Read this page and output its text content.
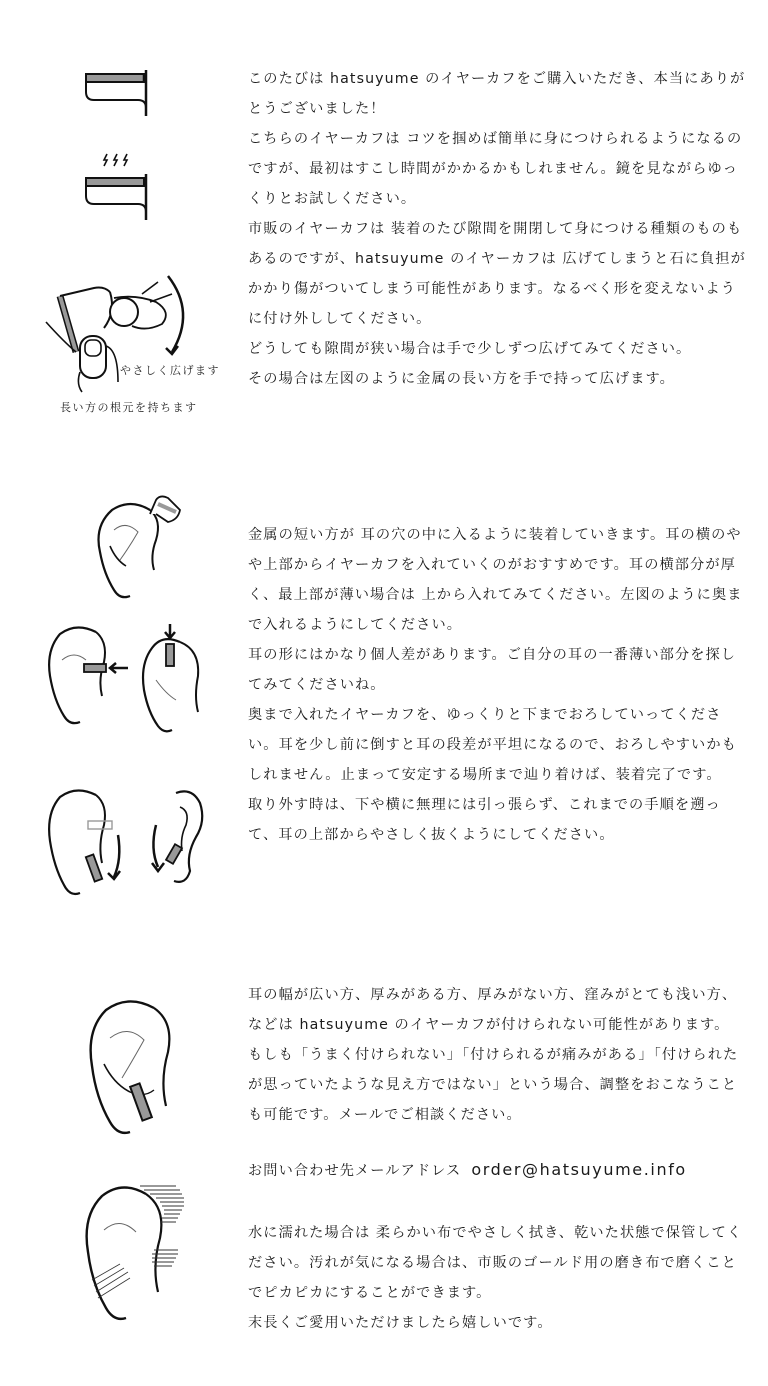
やさしく広げます
長い方の根元を持ちます

このたびは hatsuyume のイヤーカフをご購入いただき、本当にありがとうございました！

こちらのイヤーカフは コツを掴めば簡単に身につけられるようになるのですが、最初はすこし時間がかかるかもしれません。鏡を見ながらゆっくりとお試しください。

市販のイヤーカフは 装着のたび隙間を開閉して身につける種類のものもあるのですが、hatsuyume のイヤーカフは 広げてしまうと石に負担がかかり傷がついてしまう可能性があります。なるべく形を変えないように付け外ししてください。

どうしても隙間が狭い場合は手で少しずつ広げてみてください。

その場合は左図のように金属の長い方を手で持って広げます。

金属の短い方が 耳の穴の中に入るように装着していきます。耳の横のやや上部からイヤーカフを入れていくのがおすすめです。耳の横部分が厚く、最上部が薄い場合は 上から入れてみてください。左図のように奥まで入れるようにしてください。

耳の形にはかなり個人差があります。ご自分の耳の一番薄い部分を探してみてくださいね。

奥まで入れたイヤーカフを、ゆっくりと下までおろしていってください。耳を少し前に倒すと耳の段差が平坦になるので、おろしやすいかもしれません。止まって安定する場所まで辿り着けば、装着完了です。

取り外す時は、下や横に無理には引っ張らず、これまでの手順を遡って、耳の上部からやさしく抜くようにしてください。

耳の幅が広い方、厚みがある方、厚みがない方、窪みがとても浅い方、などは hatsuyume のイヤーカフが付けられない可能性があります。もしも「うまく付けられない」「付けられるが痛みがある」「付けられたが思っていたような見え方ではない」という場合、調整をおこなうことも可能です。メールでご相談ください。

お問い合わせ先メールアドレス order@hatsuyume.info

水に濡れた場合は 柔らかい布でやさしく拭き、乾いた状態で保管してください。汚れが気になる場合は、市販のゴールド用の磨き布で磨くことでピカピカにすることができます。

末長くご愛用いただけましたら嬉しいです。
